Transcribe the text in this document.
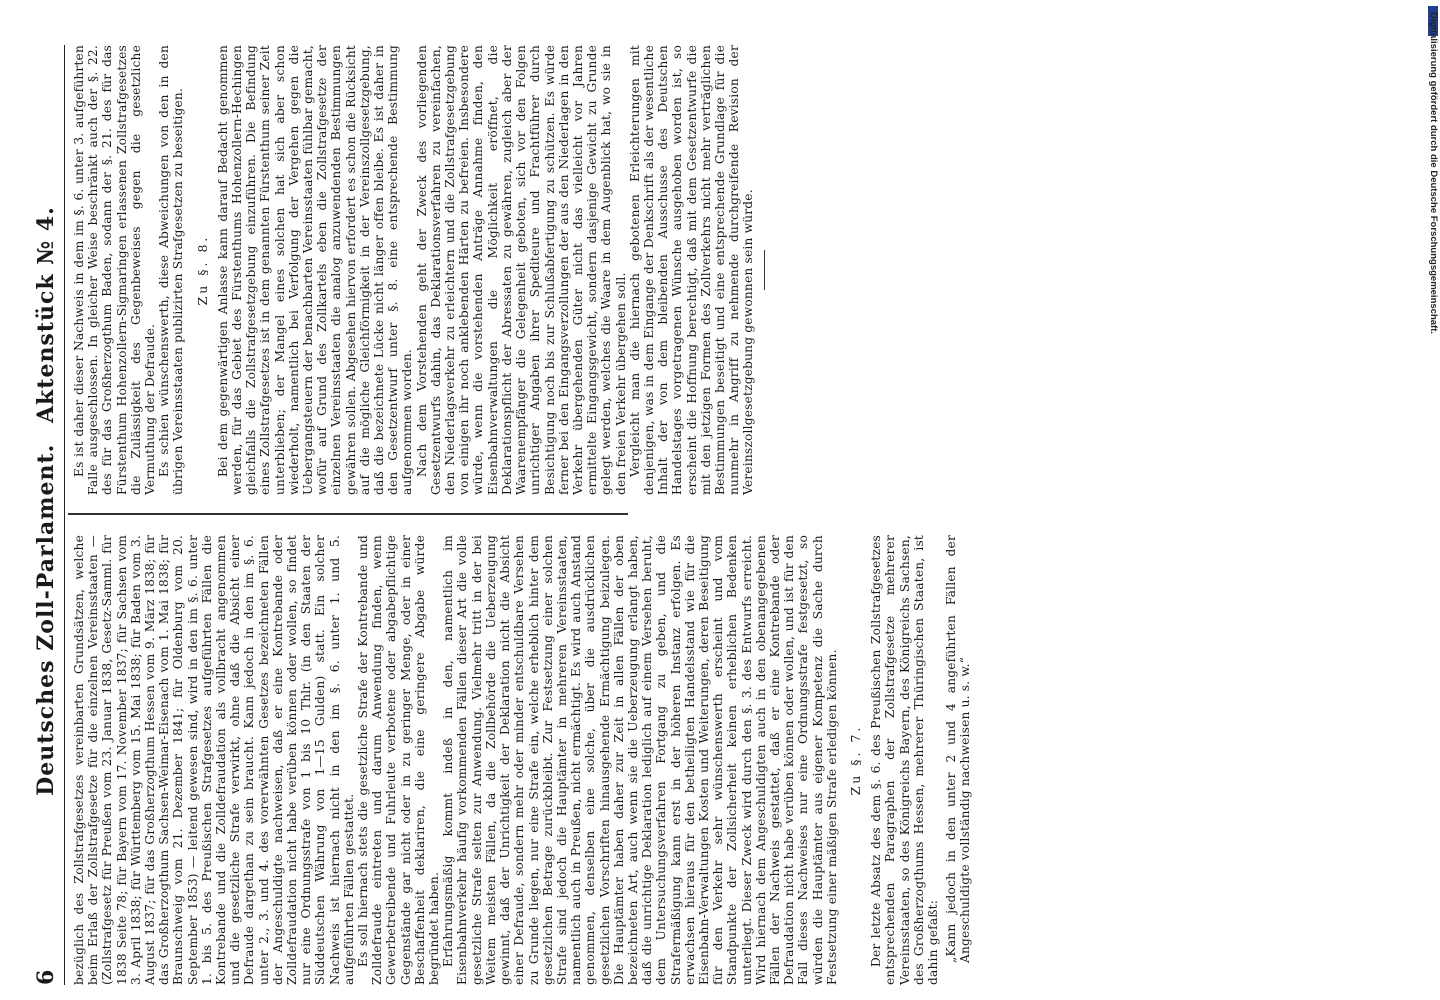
6
Deutsches Zoll-Parlament. Aktenstück № 4.

bezüglich des Zollstrafgesetzes vereinbarten Grundsätzen, welche beim Erlaß der Zollstrafgesetze für die einzelnen Vereinsstaaten — (Zollstrafgesetz für Preußen vom 23. Januar 1838, Gesetz-Samml. für 1838 Seite 78; für Bayern vom 17. November 1837; für Sachsen vom 3. April 1838; für Württemberg vom 15. Mai 1838; für Baden vom 3. August 1837; für das Großherzogthum Hessen vom 9. März 1838; für das Großherzogthum Sachsen-Weimar-Eisenach vom 1. Mai 1838; für Braunschweig vom 21. Dezember 1841; für Oldenburg vom 20. September 1853) — leitend gewesen sind, wird in den im §. 6. unter 1. bis 5. des Preußischen Strafgesetzes aufgeführten Fällen die Kontrebande und die Zolldefraudation als vollbracht angenommen und die gesetzliche Strafe verwirkt, ohne daß die Absicht einer Defraude dargethan zu sein braucht. Kann jedoch in den im §. 6. unter 2., 3. und 4. des vorerwähnten Gesetzes bezeichneten Fällen der Angeschuldigte nachweisen, daß er eine Kontrebande oder Zolldefraudation nicht habe verüben können oder wollen, so findet nur eine Ordnungsstrafe von 1 bis 10 Thlr. (in den Staaten der Süddeutschen Währung von 1—15 Gulden) statt. Ein solcher Nachweis ist hiernach nicht in den im §. 6. unter 1. und 5. aufgeführten Fällen gestattet. Es soll hiernach stets die gesetzliche Strafe der Kontrebande und Zolldefraude eintreten und darum Anwendung finden, wenn Gewerbetreibende und Fuhrleute verbotene oder abgabepflichtige Gegenstände gar nicht oder in zu geringer Menge, oder in einer Beschaffenheit deklariren, die eine geringere Abgabe würde begründet haben. Erfahrungsmäßig kommt indeß in den, namentlich im Eisenbahnverkehr häufig vorkommenden Fällen dieser Art die volle gesetzliche Strafe selten zur Anwendung. Vielmehr tritt in der bei Weitem meisten Fällen, da die Zollbehörde die Ueberzeugung gewinnt, daß der Unrichtigkeit der Deklaration nicht die Absicht einer Defraude, sondern mehr oder minder entschuldbare Versehen zu Grunde liegen, nur eine Strafe ein, welche erheblich hinter dem gesetzlichen Betrage zurückbleibt. Zur Festsetzung einer solchen Strafe sind jedoch die Hauptämter in mehreren Vereinsstaaten, namentlich auch in Preußen, nicht ermächtigt. Es wird auch Anstand genommen, denselben eine solche, über die ausdrücklichen gesetzlichen Vorschriften hinausgehende Ermächtigung beizulegen. Die Hauptämter haben daher zur Zeit in allen Fällen der oben bezeichneten Art, auch wenn sie die Ueberzeugung erlangt haben, daß die unrichtige Deklaration lediglich auf einem Versehen beruht, dem Untersuchungsverfahren Fortgang zu geben, und die Strafermäßigung kann erst in der höheren Instanz erfolgen. Es erwachsen hieraus für den betheiligten Handelsstand wie für die Eisenbahn-Verwaltungen Kosten und Weiterungen, deren Beseitigung für den Verkehr sehr wünschenswerth erscheint und vom Standpunkte der Zollsicherheit keinen erheblichen Bedenken unterliegt. Dieser Zweck wird durch den §. 3. des Entwurfs erreicht. Wird hiernach dem Angeschuldigten auch in den obenangegebenen Fällen der Nachweis gestattet, daß er eine Kontrebande oder Defraudation nicht habe verüben können oder wollen, und ist für den Fall dieses Nachweises nur eine Ordnungsstrafe festgesetzt, so würden die Hauptämter aus eigener Kompetenz die Sache durch Festsetzung einer mäßigen Strafe erledigen können. Zu §. 7. Der letzte Absatz des dem §. 6. des Preußischen Zollstrafgesetzes entsprechenden Paragraphen der Zollstrafgesetze mehrerer Vereinsstaaten, so des Königreichs Bayern, des Königreichs Sachsen, des Großherzogthums Hessen, mehrerer Thüringischen Staaten, ist dahin gefaßt: „Kann jedoch in den unter 2 und 4 angeführten Fällen der Angeschuldigte vollständig nachweisen u. s. w.“

Es ist daher dieser Nachweis in dem im §. 6. unter 3. aufgeführten Falle ausgeschlossen. In gleicher Weise beschränkt auch der §. 22. des für das Großherzogthum Baden, sodann der §. 21. des für das Fürstenthum Hohenzollern-Sigmaringen erlassenen Zollstrafgesetzes die Zulässigkeit des Gegenbeweises gegen die gesetzliche Vermuthung der Defraude. Es schien wünschenswerth, diese Abweichungen von den in den übrigen Vereinsstaaten publizirten Strafgesetzen zu beseitigen. Zu §. 8. Bei dem gegenwärtigen Anlasse kann darauf Bedacht genommen werden, für das Gebiet des Fürstenthums Hohenzollern-Hechingen gleichfalls die Zollstrafgesetzgebung einzuführen. Die Befindung eines Zollstrafgesetzes ist in dem genannten Fürstenthum seiner Zeit unterblieben; der Mangel eines solchen hat sich aber schon wiederholt, namentlich bei Verfolgung der Vergehen gegen die Uebergangsteuern der benachbarten Vereinsstaaten fühlbar gemacht, wofür auf Grund des Zollkartels eben die Zollstrafgesetze der einzelnen Vereinsstaaten die analog anzuwendenden Bestimmungen gewähren sollen. Abgesehen hiervon erfordert es schon die Rücksicht auf die mögliche Gleichförmigkeit in der Vereinszollgesetzgebung, daß die bezeichnete Lücke nicht länger offen bleibe. Es ist daher in den Gesetzentwurf unter §. 8. eine entsprechende Bestimmung aufgenommen worden. Nach dem Vorstehenden geht der Zweck des vorliegenden Gesetzentwurfs dahin, das Deklarationsverfahren zu vereinfachen, den Niederlagsverkehr zu erleichtern und die Zollstrafgesetzgebung von einigen ihr noch anklebenden Härten zu befreien. Insbesondere würde, wenn die vorstehenden Anträge Annahme finden, den Eisenbahnverwaltungen die Möglichkeit eröffnet, die Deklarationspflicht der Abressaten zu gewähren, zugleich aber der Waarenempfänger die Gelegenheit geboten, sich vor den Folgen unrichtiger Angaben ihrer Spediteure und Frachtführer durch Besichtigung noch bis zur Schlußabfertigung zu schützen. Es würde ferner bei den Eingangsverzollungen der aus den Niederlagen in den Verkehr übergehenden Güter nicht das vielleicht vor Jahren ermittelte Eingangsgewicht, sondern dasjenige Gewicht zu Grunde gelegt werden, welches die Waare in dem Augenblick hat, wo sie in den freien Verkehr übergehen soll. Vergleicht man die hiernach gebotenen Erleichterungen mit denjenigen, was in dem Eingange der Denkschrift als der wesentliche Inhalt der von dem bleibenden Ausschusse des Deutschen Handelstages vorgetragenen Wünsche ausgehoben worden ist, so erscheint die Hoffnung berechtigt, daß mit dem Gesetzentwurfe die mit den jetzigen Formen des Zollverkehrs nicht mehr verträglichen Bestimmungen beseitigt und eine entsprechende Grundlage für die nunmehr in Angriff zu nehmende durchgreifende Revision der Vereinszollgesetzgebung gewonnen sein würde.

Digitalisierung gefördert durch die Deutsche Forschungsgemeinschaft.
